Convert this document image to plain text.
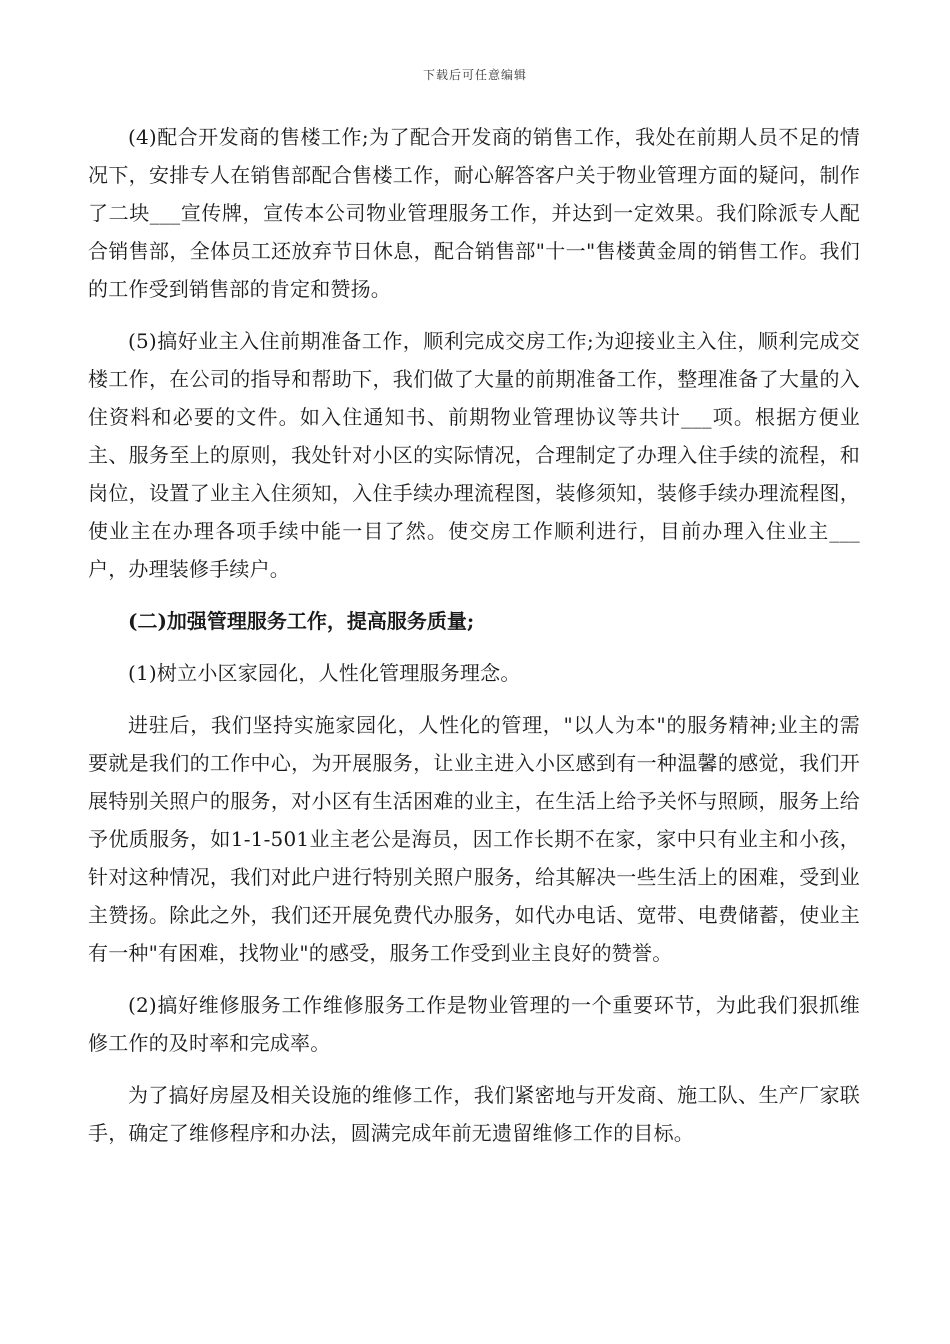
下载后可任意编辑

(4)配合开发商的售楼工作;为了配合开发商的销售工作，我处在前期人员不足的情况下，安排专人在销售部配合售楼工作，耐心解答客户关于物业管理方面的疑问，制作了二块___宣传牌，宣传本公司物业管理服务工作，并达到一定效果。我们除派专人配合销售部，全体员工还放弃节日休息，配合销售部"十一"售楼黄金周的销售工作。我们的工作受到销售部的肯定和赞扬。

(5)搞好业主入住前期准备工作，顺利完成交房工作;为迎接业主入住，顺利完成交楼工作，在公司的指导和帮助下，我们做了大量的前期准备工作，整理准备了大量的入住资料和必要的文件。如入住通知书、前期物业管理协议等共计___项。根据方便业主、服务至上的原则，我处针对小区的实际情况，合理制定了办理入住手续的流程，和岗位，设置了业主入住须知，入住手续办理流程图，装修须知，装修手续办理流程图，使业主在办理各项手续中能一目了然。使交房工作顺利进行，目前办理入住业主___户，办理装修手续户。

(二)加强管理服务工作，提高服务质量;

(1)树立小区家园化，人性化管理服务理念。

进驻后，我们坚持实施家园化，人性化的管理，"以人为本"的服务精神;业主的需要就是我们的工作中心，为开展服务，让业主进入小区感到有一种温馨的感觉，我们开展特别关照户的服务，对小区有生活困难的业主，在生活上给予关怀与照顾，服务上给予优质服务，如1-1-501业主老公是海员，因工作长期不在家，家中只有业主和小孩，针对这种情况，我们对此户进行特别关照户服务，给其解决一些生活上的困难，受到业主赞扬。除此之外，我们还开展免费代办服务，如代办电话、宽带、电费储蓄，使业主有一种"有困难，找物业"的感受，服务工作受到业主良好的赞誉。

(2)搞好维修服务工作维修服务工作是物业管理的一个重要环节，为此我们狠抓维修工作的及时率和完成率。

为了搞好房屋及相关设施的维修工作，我们紧密地与开发商、施工队、生产厂家联手，确定了维修程序和办法，圆满完成年前无遗留维修工作的目标。
